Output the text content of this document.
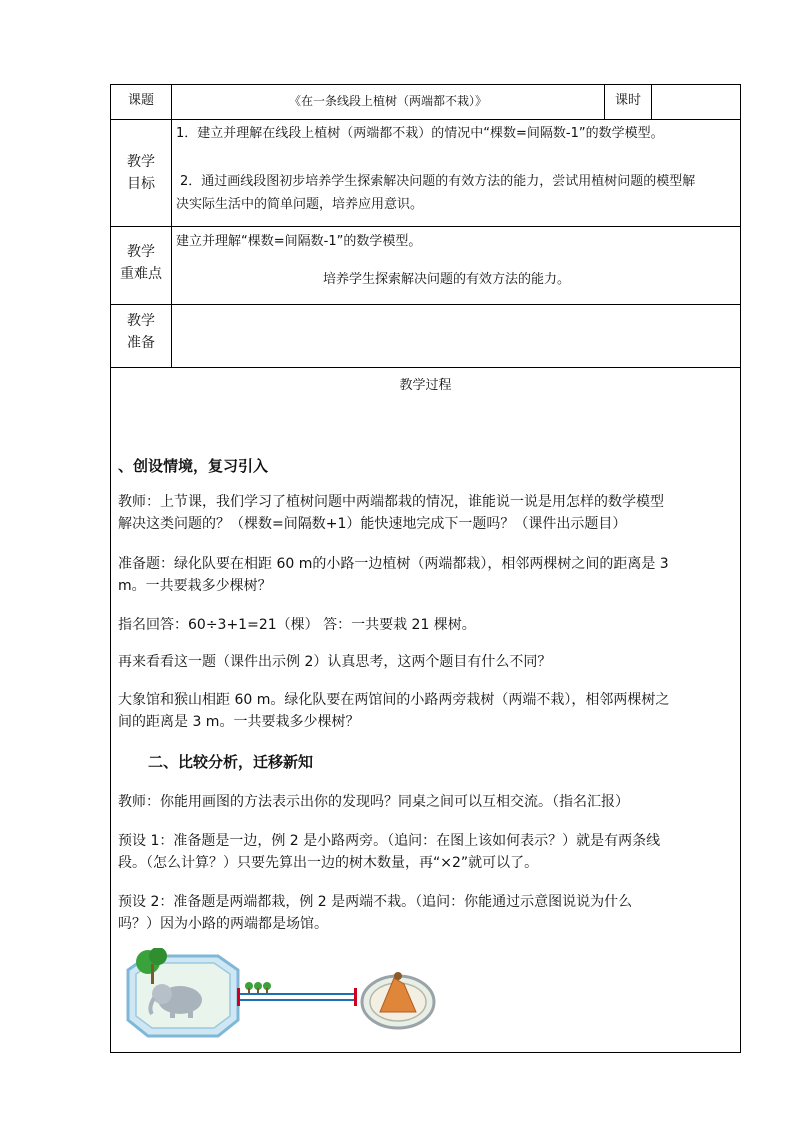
课题	《在一条线段上植树（两端都不栽）》	课时
教学
目标
1．建立并理解在线段上植树（两端都不栽）的情况中“棵数=间隔数-1”的数学模型。
2．通过画线段图初步培养学生探索解决问题的有效方法的能力，尝试用植树问题的模型解
决实际生活中的简单问题，培养应用意识。
教学
重难点
建立并理解“棵数=间隔数-1”的数学模型。
培养学生探索解决问题的有效方法的能力。
教学
准备
教学过程
、创设情境，复习引入
教师：上节课，我们学习了植树问题中两端都栽的情况，谁能说一说是用怎样的数学模型
解决这类问题的？（棵数=间隔数+1）能快速地完成下一题吗？（课件出示题目）
准备题：绿化队要在相距 60 m的小路一边植树（两端都栽），相邻两棵树之间的距离是 3
m。一共要栽多少棵树？
指名回答：60÷3+1=21（棵） 答：一共要栽 21 棵树。
再来看看这一题（课件出示例 2）认真思考，这两个题目有什么不同？
大象馆和猴山相距 60 m。绿化队要在两馆间的小路两旁栽树（两端不栽），相邻两棵树之
间的距离是 3 m。一共要栽多少棵树？
二、比较分析，迁移新知
教师：你能用画图的方法表示出你的发现吗？同桌之间可以互相交流。（指名汇报）
预设 1：准备题是一边，例 2 是小路两旁。（追问：在图上该如何表示？）就是有两条线
段。（怎么计算？）只要先算出一边的树木数量，再“×2”就可以了。
预设 2：准备题是两端都栽，例 2 是两端不栽。（追问：你能通过示意图说说为什么
吗？）因为小路的两端都是场馆。
